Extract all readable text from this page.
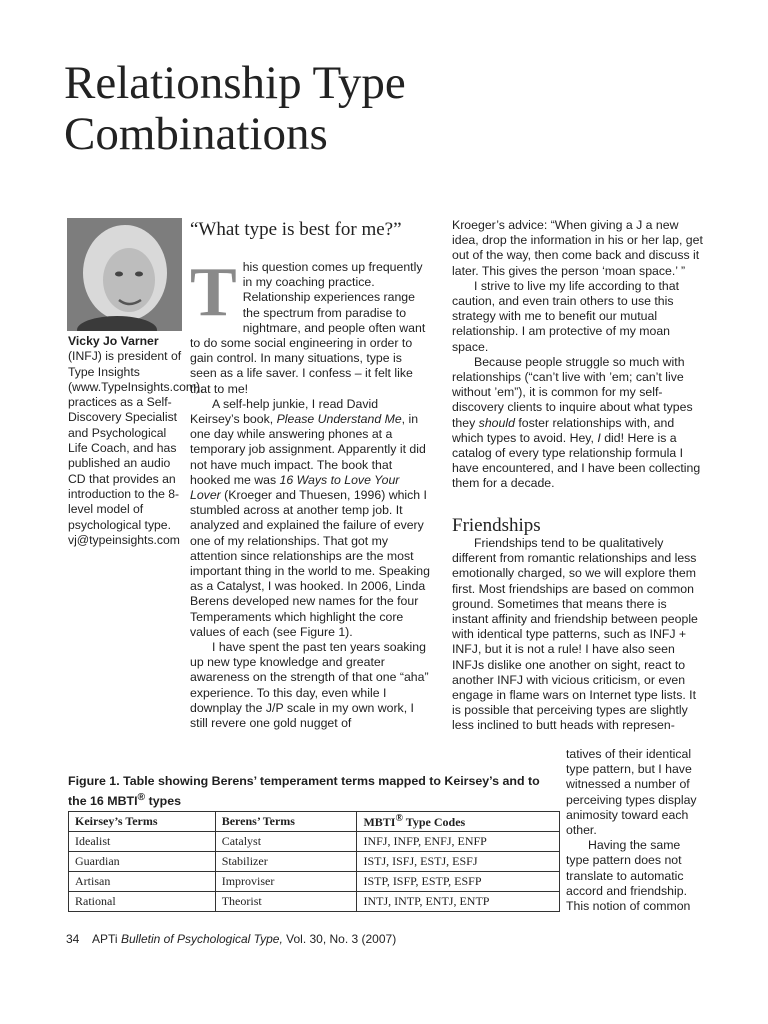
Relationship Type
Combinations
Vicky Jo Varner
(INFJ) is president of Type Insights (www.TypeInsights.com), practices as a Self-Discovery Specialist and Psychological Life Coach, and has published an audio CD that provides an introduction to the 8-level model of psychological type. vj@typeinsights.com
“What type is best for me?”
T his question comes up frequently in my coaching practice. Relationship experiences range the spectrum from paradise to nightmare, and people often want to do some social engineering in order to gain control. In many situations, type is seen as a life saver. I confess – it felt like that to me!

A self-help junkie, I read David Keirsey’s book, Please Understand Me, in one day while answering phones at a temporary job assignment. Apparently it did not have much impact. The book that hooked me was 16 Ways to Love Your Lover (Kroeger and Thuesen, 1996) which I stumbled across at another temp job. It analyzed and explained the failure of every one of my relationships. That got my attention since relationships are the most important thing in the world to me. Speaking as a Catalyst, I was hooked. In 2006, Linda Berens developed new names for the four Temperaments which highlight the core values of each (see Figure 1).

I have spent the past ten years soaking up new type knowledge and greater awareness on the strength of that one “aha” experience. To this day, even while I downplay the J/P scale in my own work, I still revere one gold nugget of

Kroeger’s advice: “When giving a J a new idea, drop the information in his or her lap, get out of the way, then come back and discuss it later. This gives the person ‘moan space.’ ”

I strive to live my life according to that caution, and even train others to use this strategy with me to benefit our mutual relationship. I am protective of my moan space.

Because people struggle so much with relationships (“can’t live with ’em; can’t live without ’em”), it is common for my self-discovery clients to inquire about what types they should foster relationships with, and which types to avoid. Hey, I did! Here is a catalog of every type relationship formula I have encountered, and I have been collecting them for a decade.

Friendships

Friendships tend to be qualitatively different from romantic relationships and less emotionally charged, so we will explore them first. Most friendships are based on common ground. Sometimes that means there is instant affinity and friendship between people with identical type patterns, such as INFJ + INFJ, but it is not a rule! I have also seen INFJs dislike one another on sight, react to another INFJ with vicious criticism, or even engage in flame wars on Internet type lists. It is possible that perceiving types are slightly less inclined to butt heads with represen-

tatives of their identical type pattern, but I have witnessed a number of perceiving types display animosity toward each other.

Having the same type pattern does not translate to automatic accord and friendship. This notion of common

Figure 1. Table showing Berens’ temperament terms mapped to Keirsey’s and to the 16 MBTI® types
Keirsey’s Terms	Berens’ Terms	MBTI® Type Codes
Idealist	Catalyst	INFJ, INFP, ENFJ, ENFP
Guardian	Stabilizer	ISTJ, ISFJ, ESTJ, ESFJ
Artisan	Improviser	ISTP, ISFP, ESTP, ESFP
Rational	Theorist	INTJ, INTP, ENTJ, ENTP
34 APTi Bulletin of Psychological Type, Vol. 30, No. 3 (2007)
